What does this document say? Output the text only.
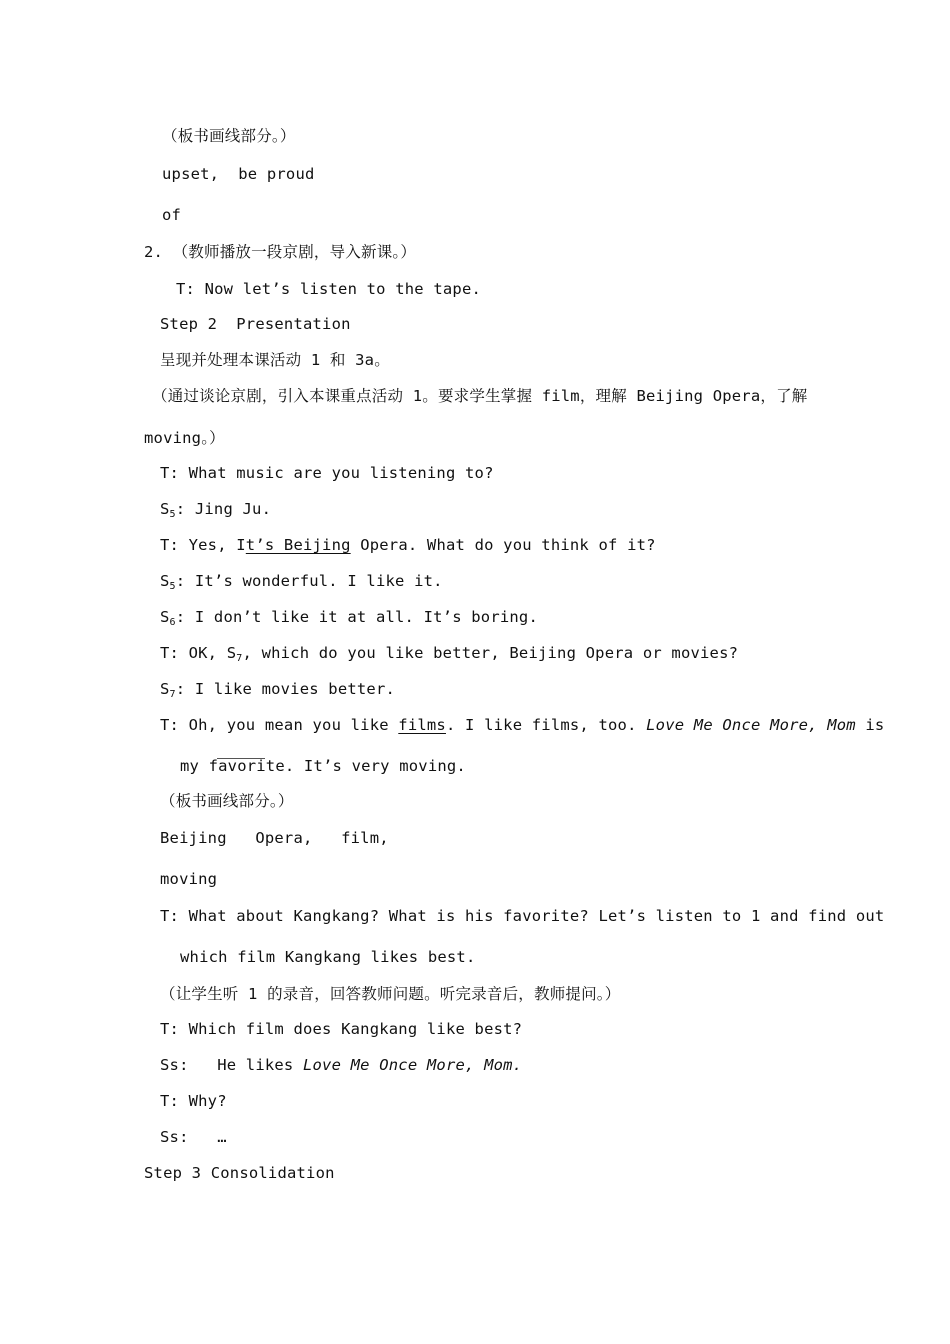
（板书画线部分。）
upset,  be proud
of
2. （教师播放一段京剧，导入新课。）
T: Now let’s listen to the tape.
Step 2  Presentation
呈现并处理本课活动 1 和 3a。
（通过谈论京剧，引入本课重点活动 1。要求学生掌握 film，理解 Beijing Opera，了解
moving。）
T: What music are you listening to?
$S_5$: Jing Ju.
T: Yes, It’s Beijing Opera. What do you think of it?
$S_5$: It’s wonderful. I like it.
$S_6$: I don’t like it at all. It’s boring.
T: OK, $S_7$, which do you like better, Beijing Opera or movies?
$S_7$: I like movies better.
T: Oh, you mean you like films. I like films, too. Love Me Once More, Mom is
my favorite. It’s very moving.
（板书画线部分。）
Beijing   Opera,   film,
moving
T: What about Kangkang? What is his favorite? Let’s listen to 1 and find out
which film Kangkang likes best.
（让学生听 1 的录音，回答教师问题。听完录音后，教师提问。）
T: Which film does Kangkang like best?
Ss:   He likes Love Me Once More, Mom.
T: Why?
Ss:   …
Step 3 Consolidation
